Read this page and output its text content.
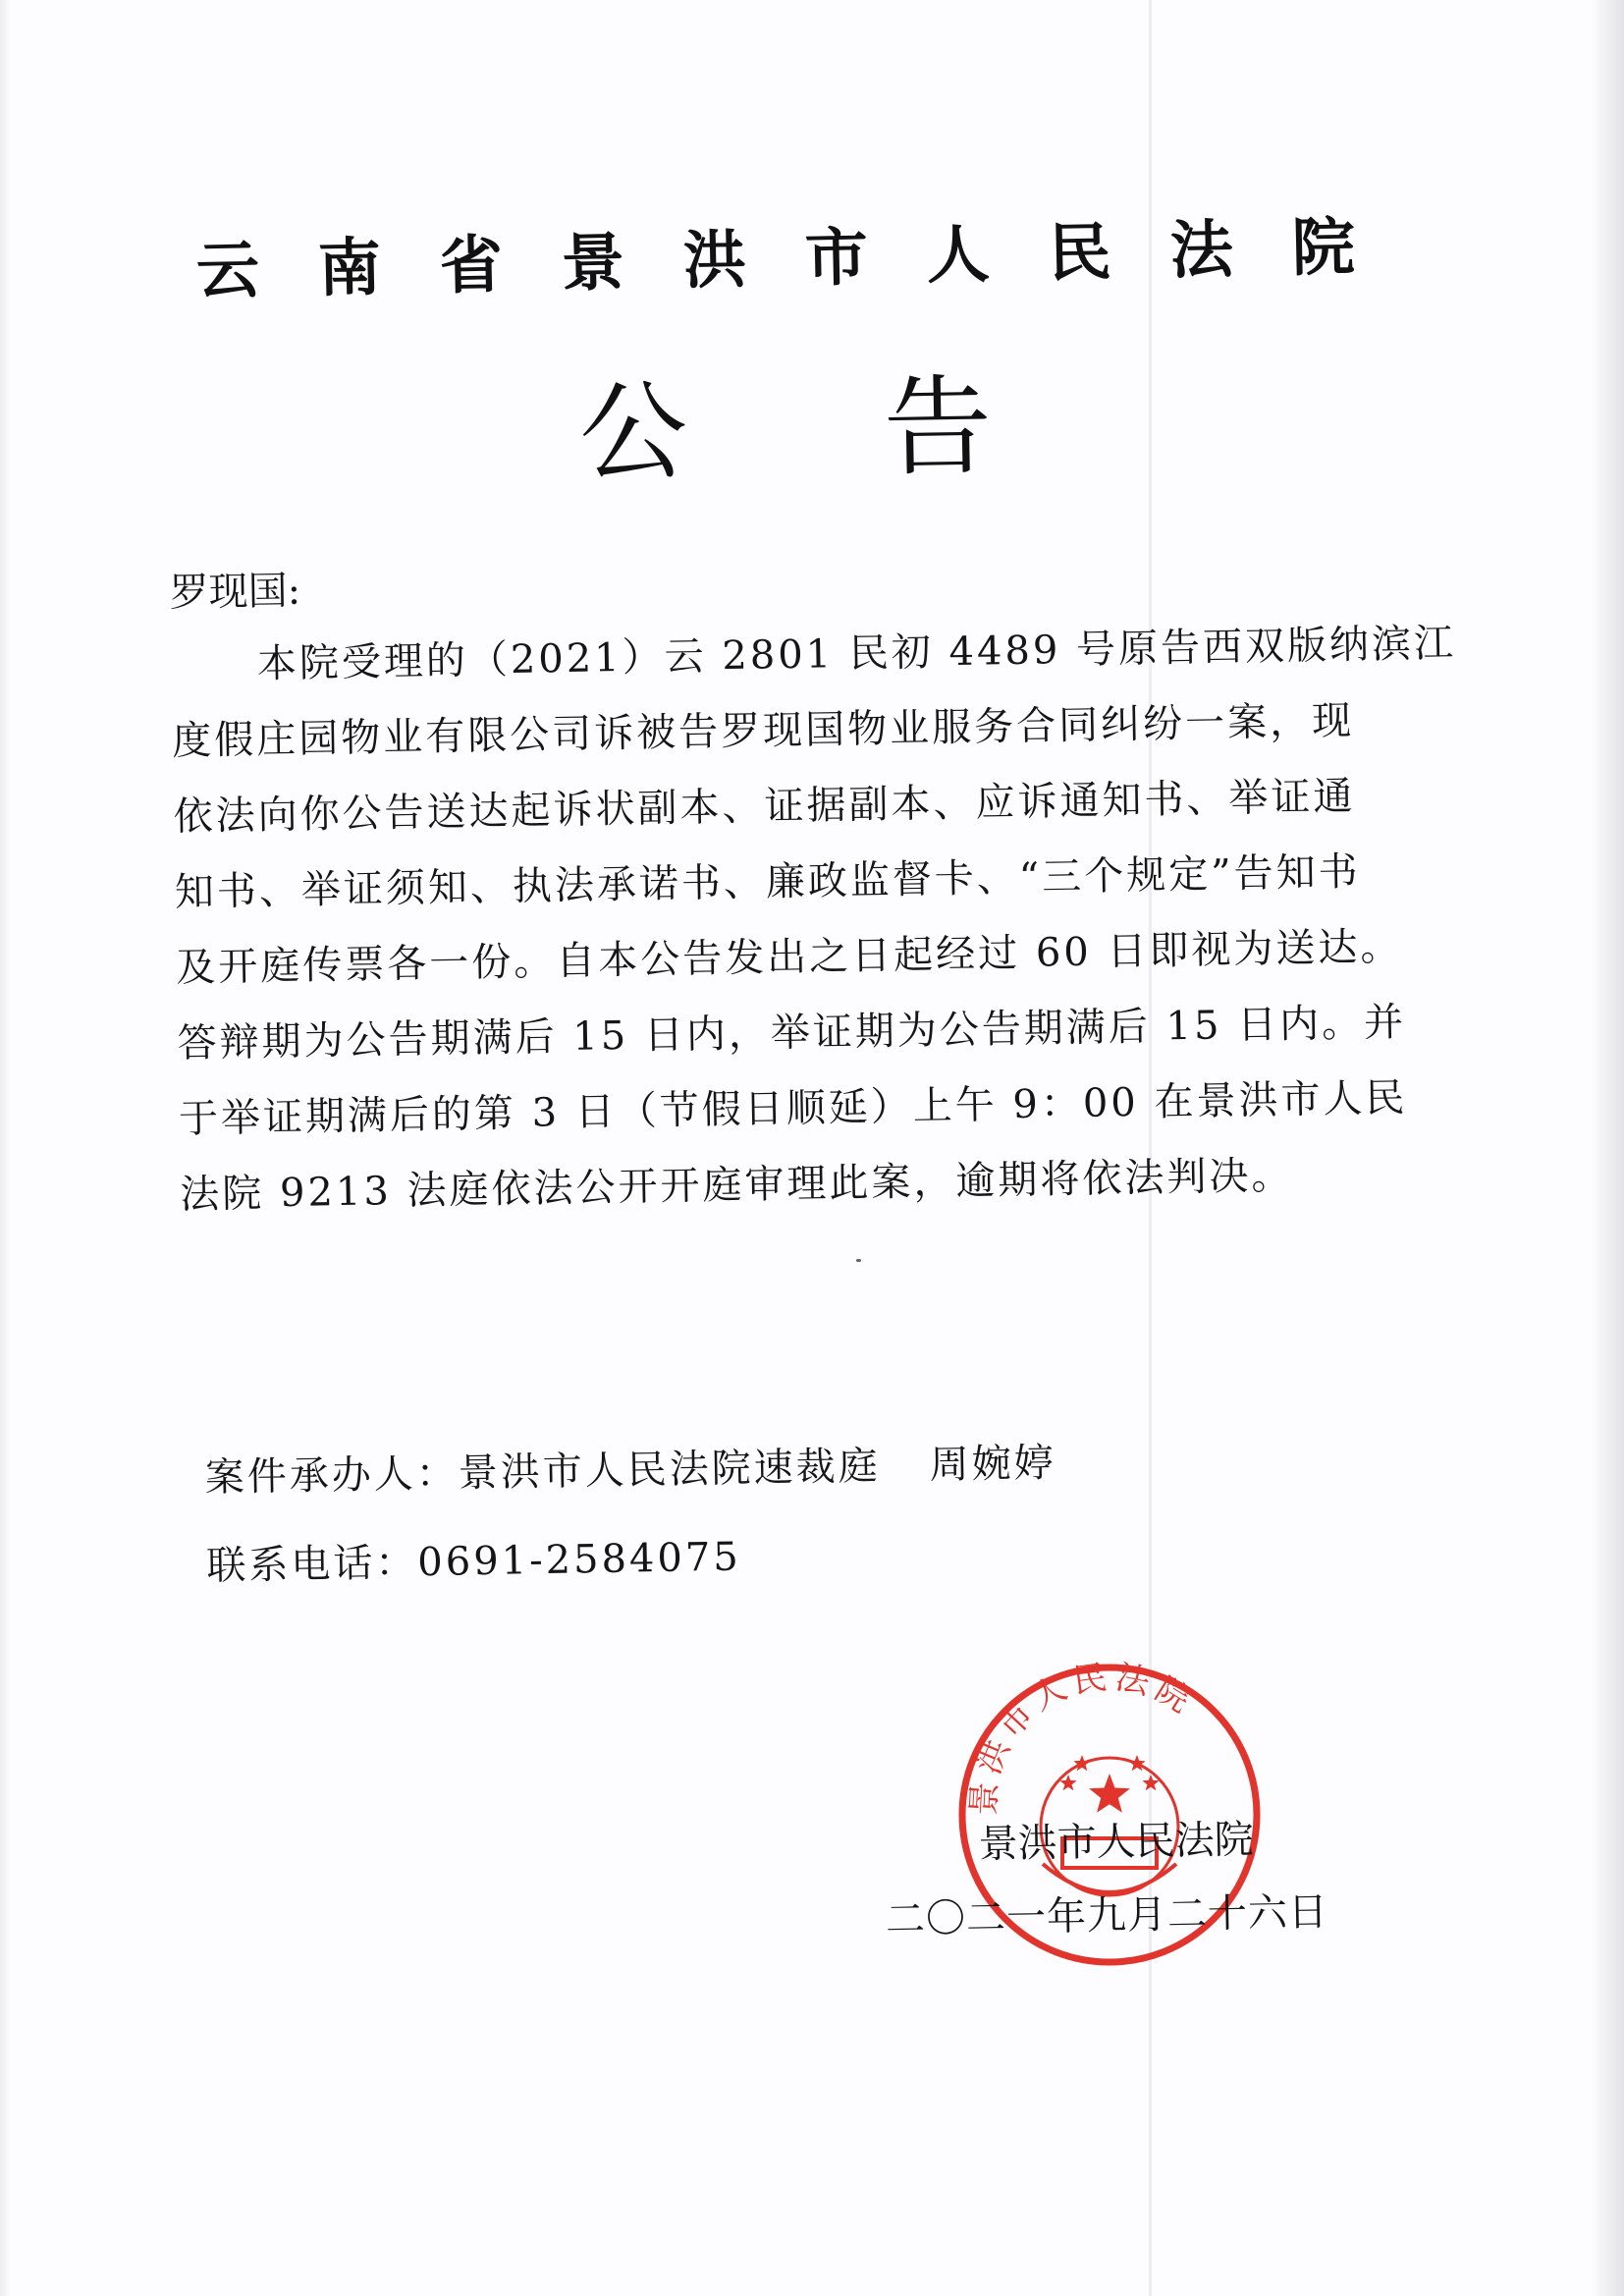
云南省景洪市人民法院
公告

罗现国:

本院受理的（2021）云 2801 民初 4489 号原告西双版纳滨江

度假庄园物业有限公司诉被告罗现国物业服务合同纠纷一案，现

依法向你公告送达起诉状副本、证据副本、应诉通知书、举证通

知书、举证须知、执法承诺书、廉政监督卡、“三个规定”告知书

及开庭传票各一份。自本公告发出之日起经过 60 日即视为送达。

答辩期为公告期满后 15 日内，举证期为公告期满后 15 日内。并

于举证期满后的第 3 日（节假日顺延）上午 9：00 在景洪市人民

法院 9213 法庭依法公开开庭审理此案，逾期将依法判决。

案件承办人：景洪市人民法院速裁庭 周婉婷
联系电话：0691-2584075
景洪市人民法院
景洪市人民法院
二〇二一年九月二十六日
